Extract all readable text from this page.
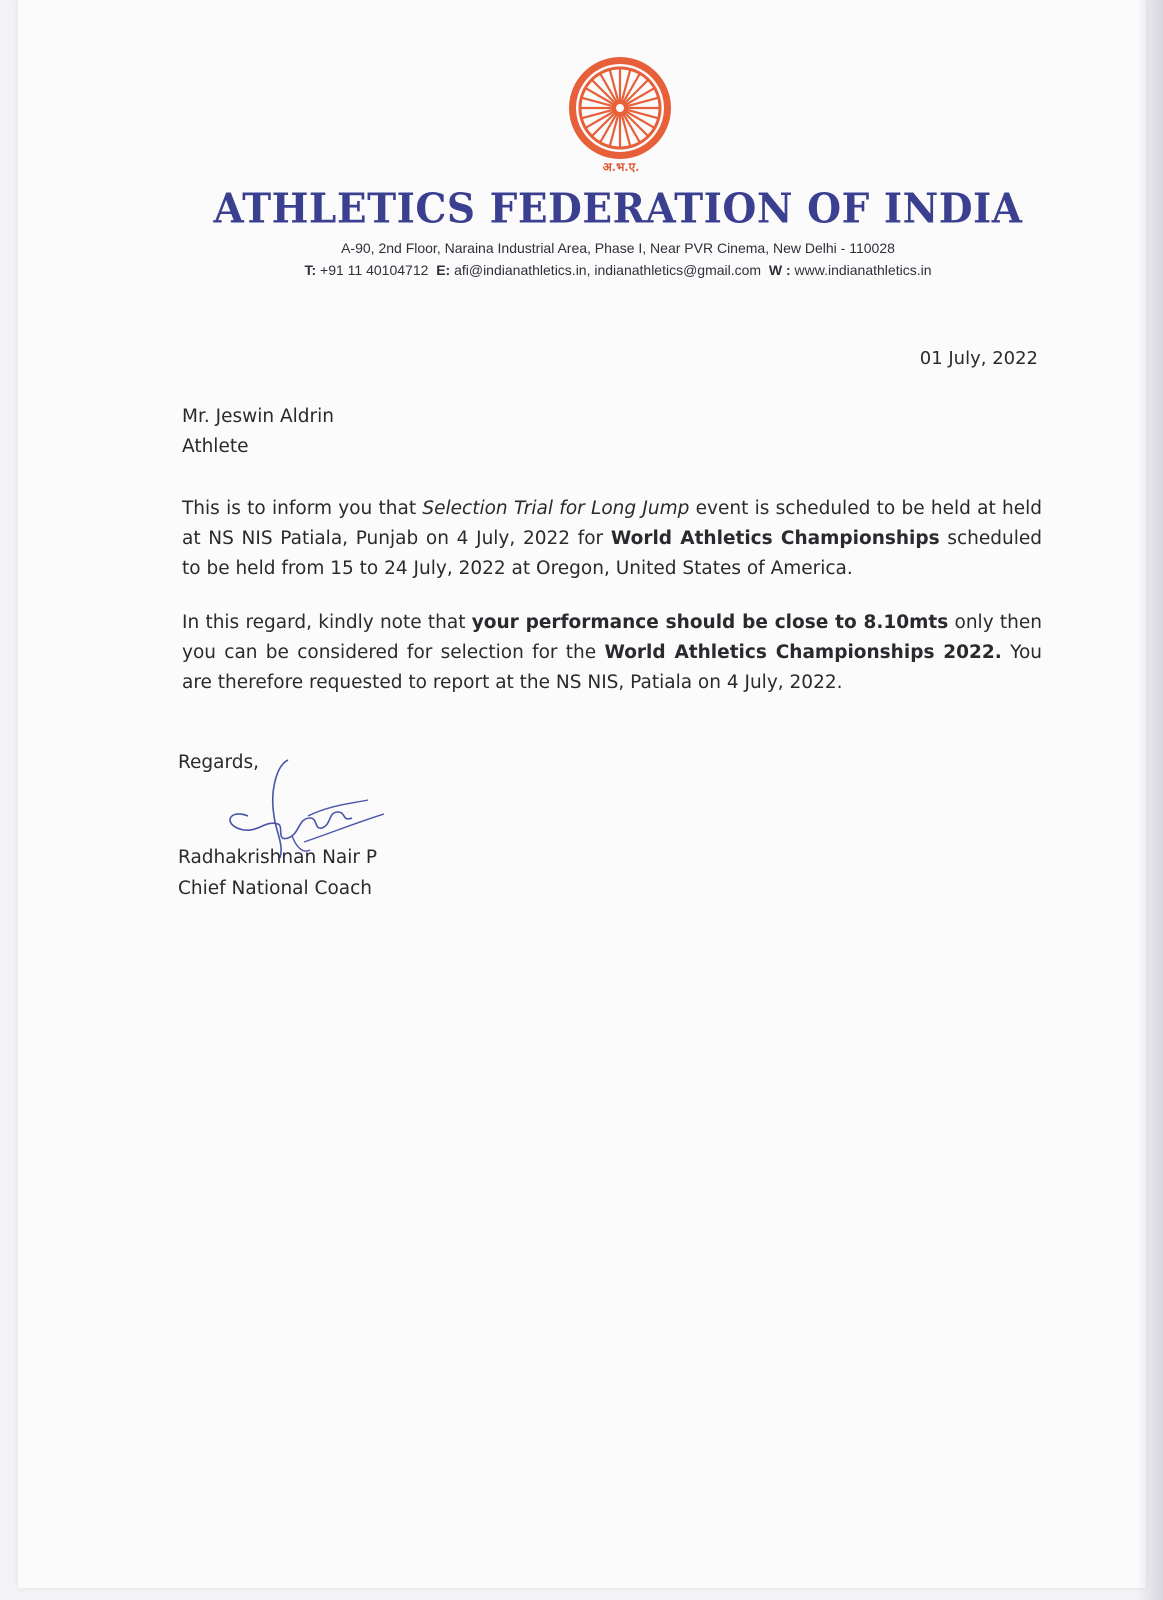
अ.भ.ए.
ATHLETICS FEDERATION OF INDIA
A-90, 2nd Floor, Naraina Industrial Area, Phase I, Near PVR Cinema, New Delhi - 110028
T: +91 11 40104712 E: afi@indianathletics.in, indianathletics@gmail.com W : www.indianathletics.in
01 July, 2022
Mr. Jeswin Aldrin
Athlete
This is to inform you that Selection Trial for Long Jump event is scheduled to be held at held at NS NIS Patiala, Punjab on 4 July, 2022 for World Athletics Championships scheduled to be held from 15 to 24 July, 2022 at Oregon, United States of America.
In this regard, kindly note that your performance should be close to 8.10mts only then you can be considered for selection for the World Athletics Championships 2022. You are therefore requested to report at the NS NIS, Patiala on 4 July, 2022.
Regards,
Radhakrishnan Nair P
Chief National Coach
